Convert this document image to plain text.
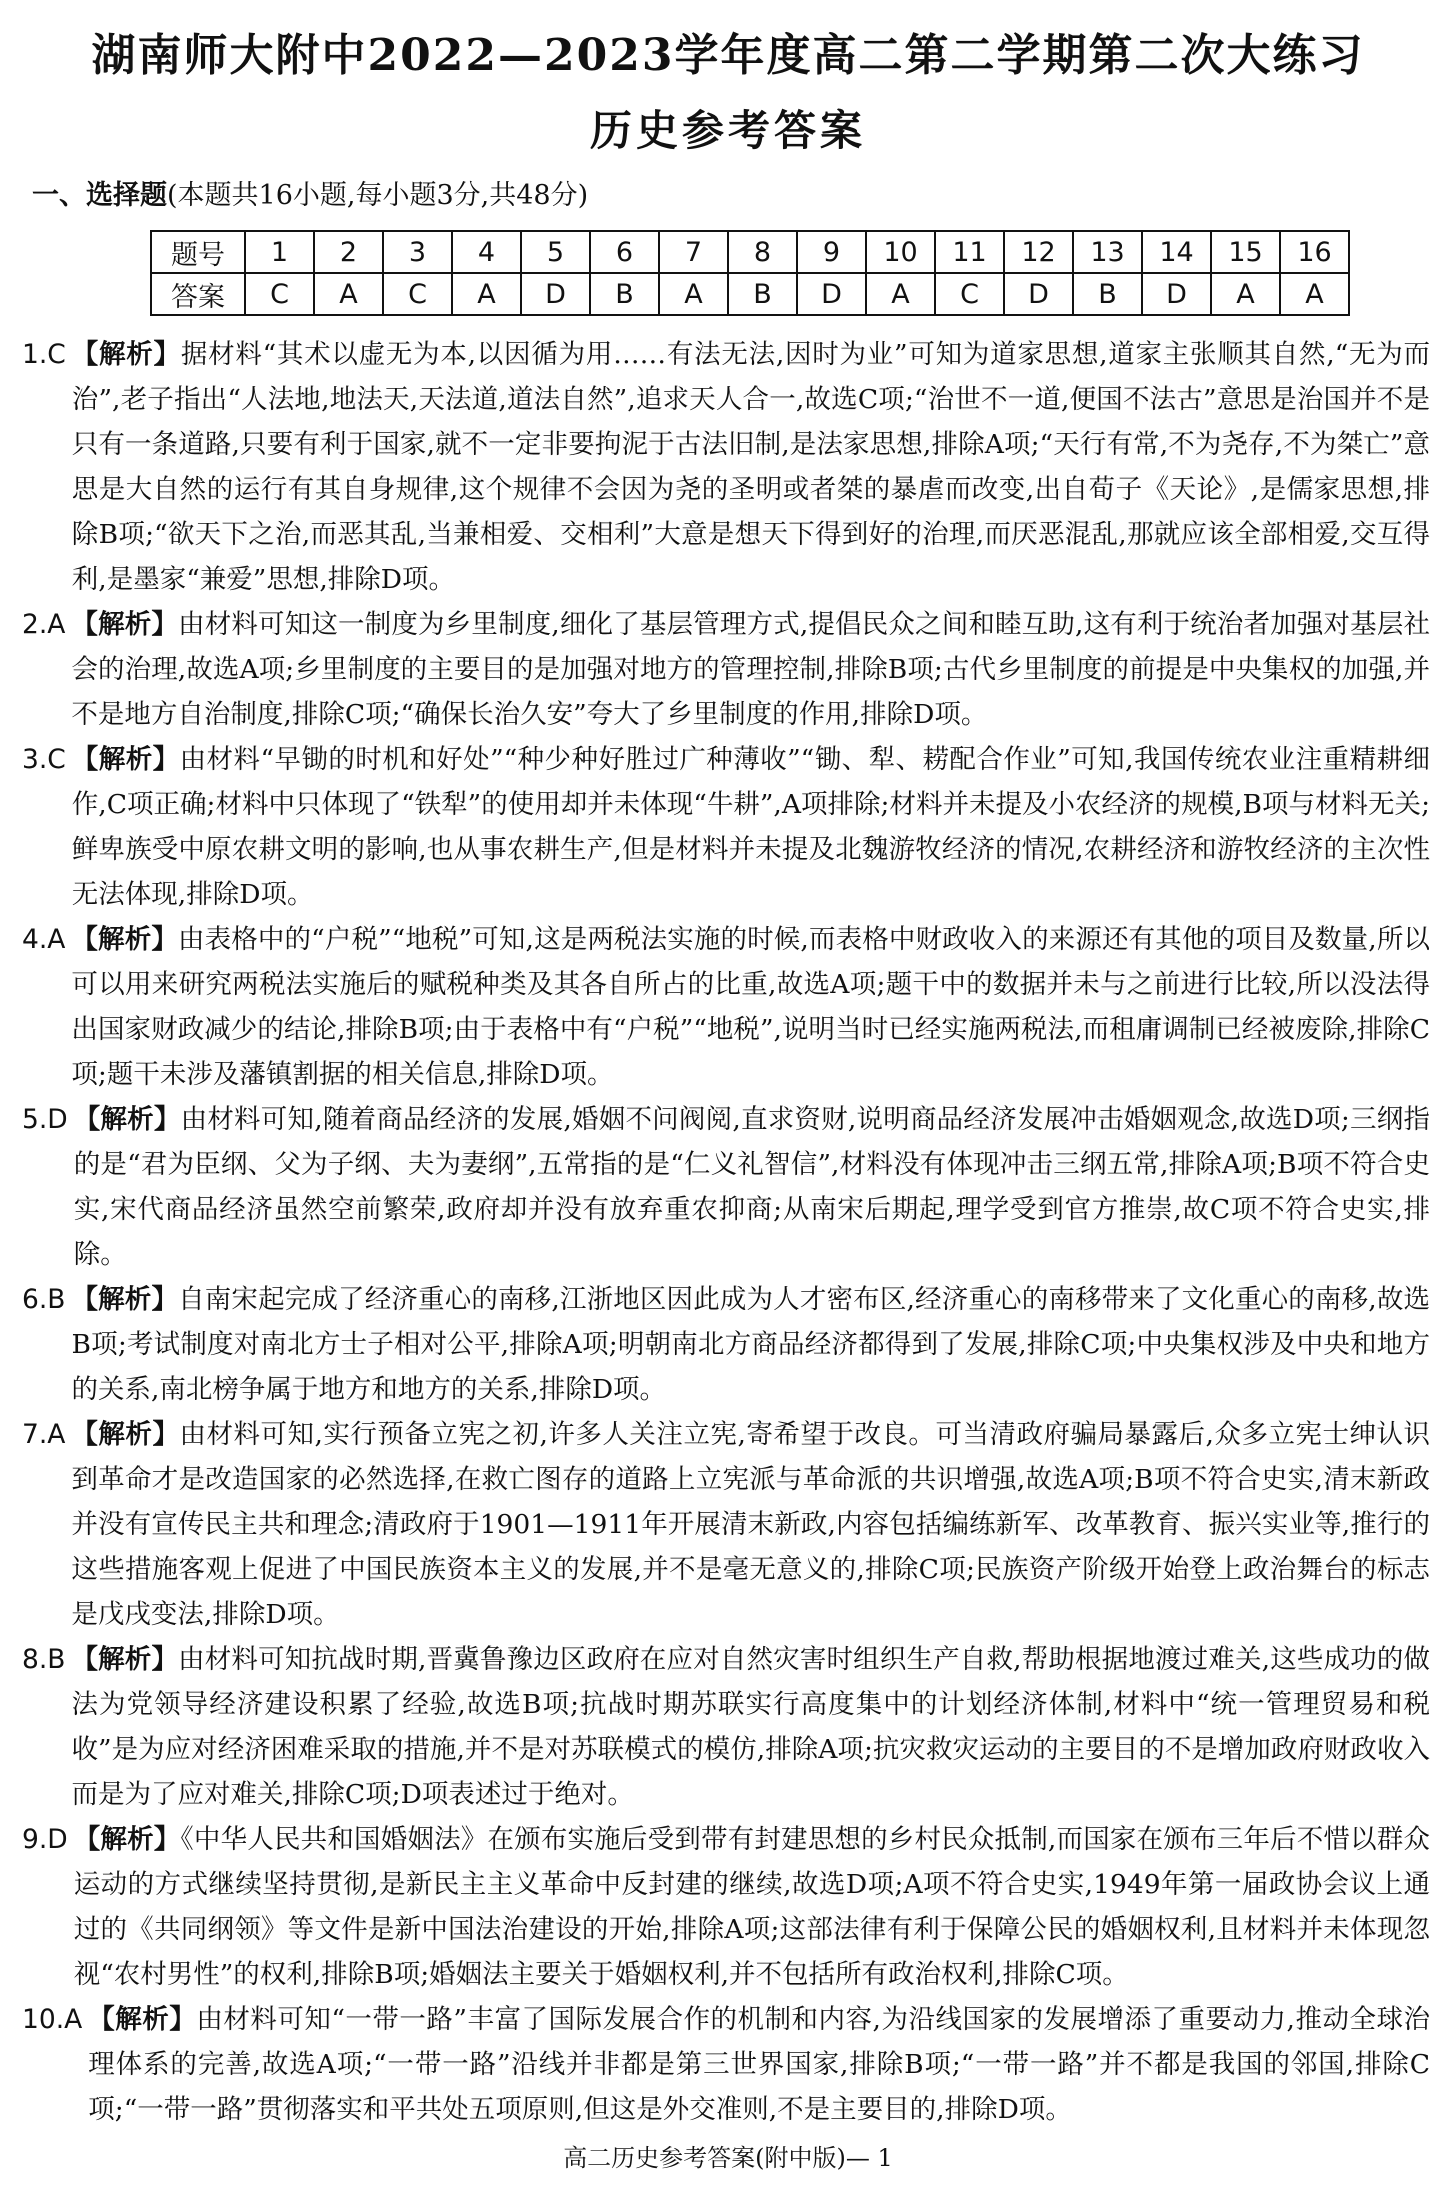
湖南师大附中2022—2023学年度高二第二学期第二次大练习
历史参考答案
一、选择题(本题共16小题,每小题3分,共48分)
题号	1	2	3	4	5	6	7	8	9	10	11	12	13	14	15	16
答案	C	A	C	A	D	B	A	B	D	A	C	D	B	D	A	A
1.C 【解析】据材料“其术以虚无为本,以因循为用……有法无法,因时为业”可知为道家思想,道家主张顺其自然,“无为而治”,老子指出“人法地,地法天,天法道,道法自然”,追求天人合一,故选C项;“治世不一道,便国不法古”意思是治国并不是只有一条道路,只要有利于国家,就不一定非要拘泥于古法旧制,是法家思想,排除A项;“天行有常,不为尧存,不为桀亡”意思是大自然的运行有其自身规律,这个规律不会因为尧的圣明或者桀的暴虐而改变,出自荀子《天论》,是儒家思想,排除B项;“欲天下之治,而恶其乱,当兼相爱、交相利”大意是想天下得到好的治理,而厌恶混乱,那就应该全部相爱,交互得利,是墨家“兼爱”思想,排除D项。
2.A 【解析】由材料可知这一制度为乡里制度,细化了基层管理方式,提倡民众之间和睦互助,这有利于统治者加强对基层社会的治理,故选A项;乡里制度的主要目的是加强对地方的管理控制,排除B项;古代乡里制度的前提是中央集权的加强,并不是地方自治制度,排除C项;“确保长治久安”夸大了乡里制度的作用,排除D项。
3.C 【解析】由材料“早锄的时机和好处”“种少种好胜过广种薄收”“锄、犁、耢配合作业”可知,我国传统农业注重精耕细作,C项正确;材料中只体现了“铁犁”的使用却并未体现“牛耕”,A项排除;材料并未提及小农经济的规模,B项与材料无关;鲜卑族受中原农耕文明的影响,也从事农耕生产,但是材料并未提及北魏游牧经济的情况,农耕经济和游牧经济的主次性无法体现,排除D项。
4.A 【解析】由表格中的“户税”“地税”可知,这是两税法实施的时候,而表格中财政收入的来源还有其他的项目及数量,所以可以用来研究两税法实施后的赋税种类及其各自所占的比重,故选A项;题干中的数据并未与之前进行比较,所以没法得出国家财政减少的结论,排除B项;由于表格中有“户税”“地税”,说明当时已经实施两税法,而租庸调制已经被废除,排除C项;题干未涉及藩镇割据的相关信息,排除D项。
5.D 【解析】由材料可知,随着商品经济的发展,婚姻不问阀阅,直求资财,说明商品经济发展冲击婚姻观念,故选D项;三纲指的是“君为臣纲、父为子纲、夫为妻纲”,五常指的是“仁义礼智信”,材料没有体现冲击三纲五常,排除A项;B项不符合史实,宋代商品经济虽然空前繁荣,政府却并没有放弃重农抑商;从南宋后期起,理学受到官方推崇,故C项不符合史实,排除。
6.B 【解析】自南宋起完成了经济重心的南移,江浙地区因此成为人才密布区,经济重心的南移带来了文化重心的南移,故选B项;考试制度对南北方士子相对公平,排除A项;明朝南北方商品经济都得到了发展,排除C项;中央集权涉及中央和地方的关系,南北榜争属于地方和地方的关系,排除D项。
7.A 【解析】由材料可知,实行预备立宪之初,许多人关注立宪,寄希望于改良。可当清政府骗局暴露后,众多立宪士绅认识到革命才是改造国家的必然选择,在救亡图存的道路上立宪派与革命派的共识增强,故选A项;B项不符合史实,清末新政并没有宣传民主共和理念;清政府于1901—1911年开展清末新政,内容包括编练新军、改革教育、振兴实业等,推行的这些措施客观上促进了中国民族资本主义的发展,并不是毫无意义的,排除C项;民族资产阶级开始登上政治舞台的标志是戊戌变法,排除D项。
8.B 【解析】由材料可知抗战时期,晋冀鲁豫边区政府在应对自然灾害时组织生产自救,帮助根据地渡过难关,这些成功的做法为党领导经济建设积累了经验,故选B项;抗战时期苏联实行高度集中的计划经济体制,材料中“统一管理贸易和税收”是为应对经济困难采取的措施,并不是对苏联模式的模仿,排除A项;抗灾救灾运动的主要目的不是增加政府财政收入而是为了应对难关,排除C项;D项表述过于绝对。
9.D 【解析】《中华人民共和国婚姻法》在颁布实施后受到带有封建思想的乡村民众抵制,而国家在颁布三年后不惜以群众运动的方式继续坚持贯彻,是新民主主义革命中反封建的继续,故选D项;A项不符合史实,1949年第一届政协会议上通过的《共同纲领》等文件是新中国法治建设的开始,排除A项;这部法律有利于保障公民的婚姻权利,且材料并未体现忽视“农村男性”的权利,排除B项;婚姻法主要关于婚姻权利,并不包括所有政治权利,排除C项。
10.A 【解析】由材料可知“一带一路”丰富了国际发展合作的机制和内容,为沿线国家的发展增添了重要动力,推动全球治理体系的完善,故选A项;“一带一路”沿线并非都是第三世界国家,排除B项;“一带一路”并不都是我国的邻国,排除C项;“一带一路”贯彻落实和平共处五项原则,但这是外交准则,不是主要目的,排除D项。
高二历史参考答案(附中版)— 1
